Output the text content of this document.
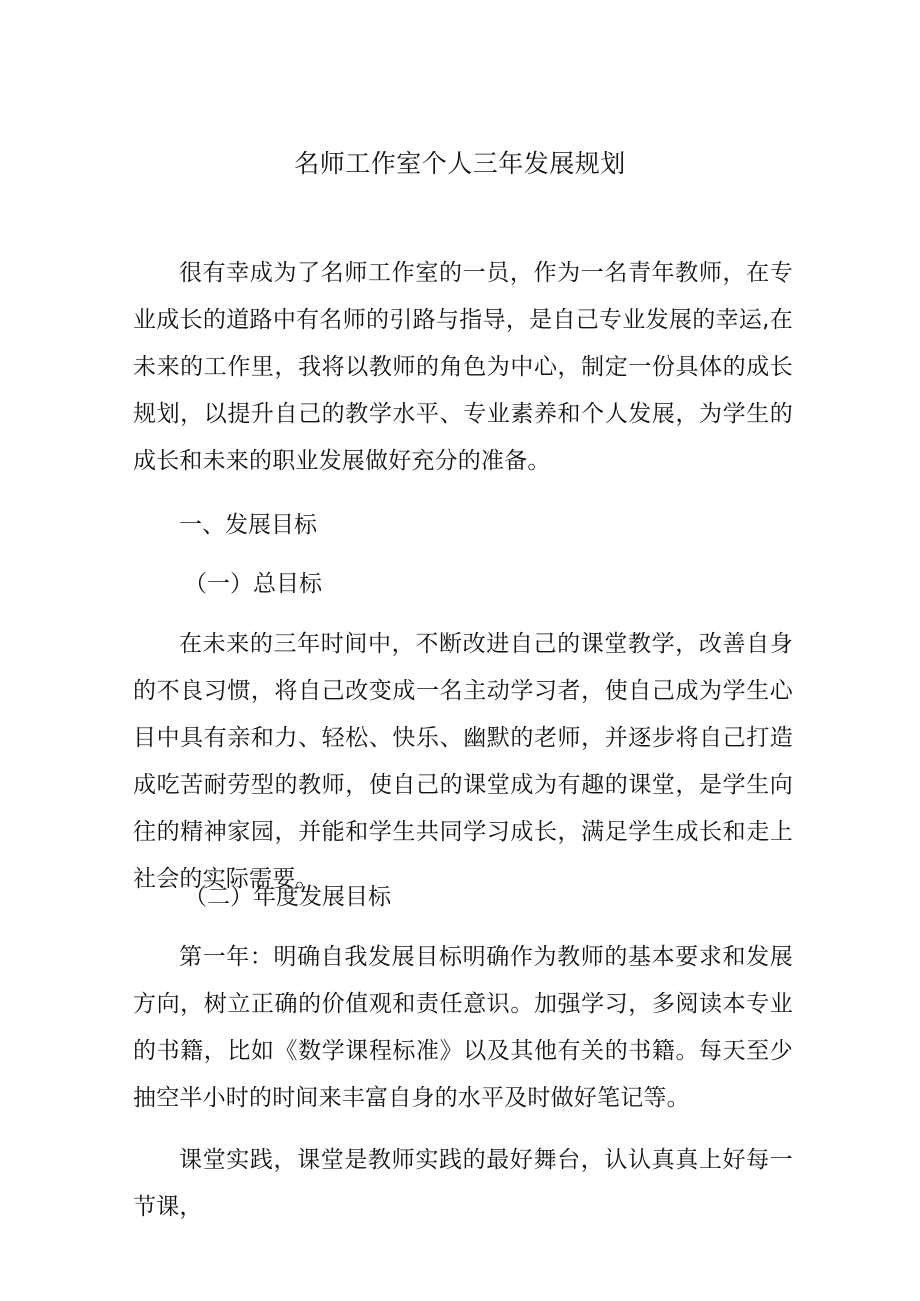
名师工作室个人三年发展规划

很有幸成为了名师工作室的一员，作为一名青年教师，在专业成长的道路中有名师的引路与指导，是自己专业发展的幸运,在未来的工作里，我将以教师的角色为中心，制定一份具体的成长规划，以提升自己的教学水平、专业素养和个人发展，为学生的成长和未来的职业发展做好充分的准备。

一、发展目标

（一）总目标

在未来的三年时间中，不断改进自己的课堂教学，改善自身的不良习惯，将自己改变成一名主动学习者，使自己成为学生心目中具有亲和力、轻松、快乐、幽默的老师，并逐步将自己打造成吃苦耐劳型的教师，使自己的课堂成为有趣的课堂，是学生向往的精神家园，并能和学生共同学习成长，满足学生成长和走上社会的实际需要。

（二）年度发展目标

第一年：明确自我发展目标明确作为教师的基本要求和发展方向，树立正确的价值观和责任意识。加强学习，多阅读本专业的书籍，比如《数学课程标准》以及其他有关的书籍。每天至少抽空半小时的时间来丰富自身的水平及时做好笔记等。

课堂实践，课堂是教师实践的最好舞台，认认真真上好每一节课，
